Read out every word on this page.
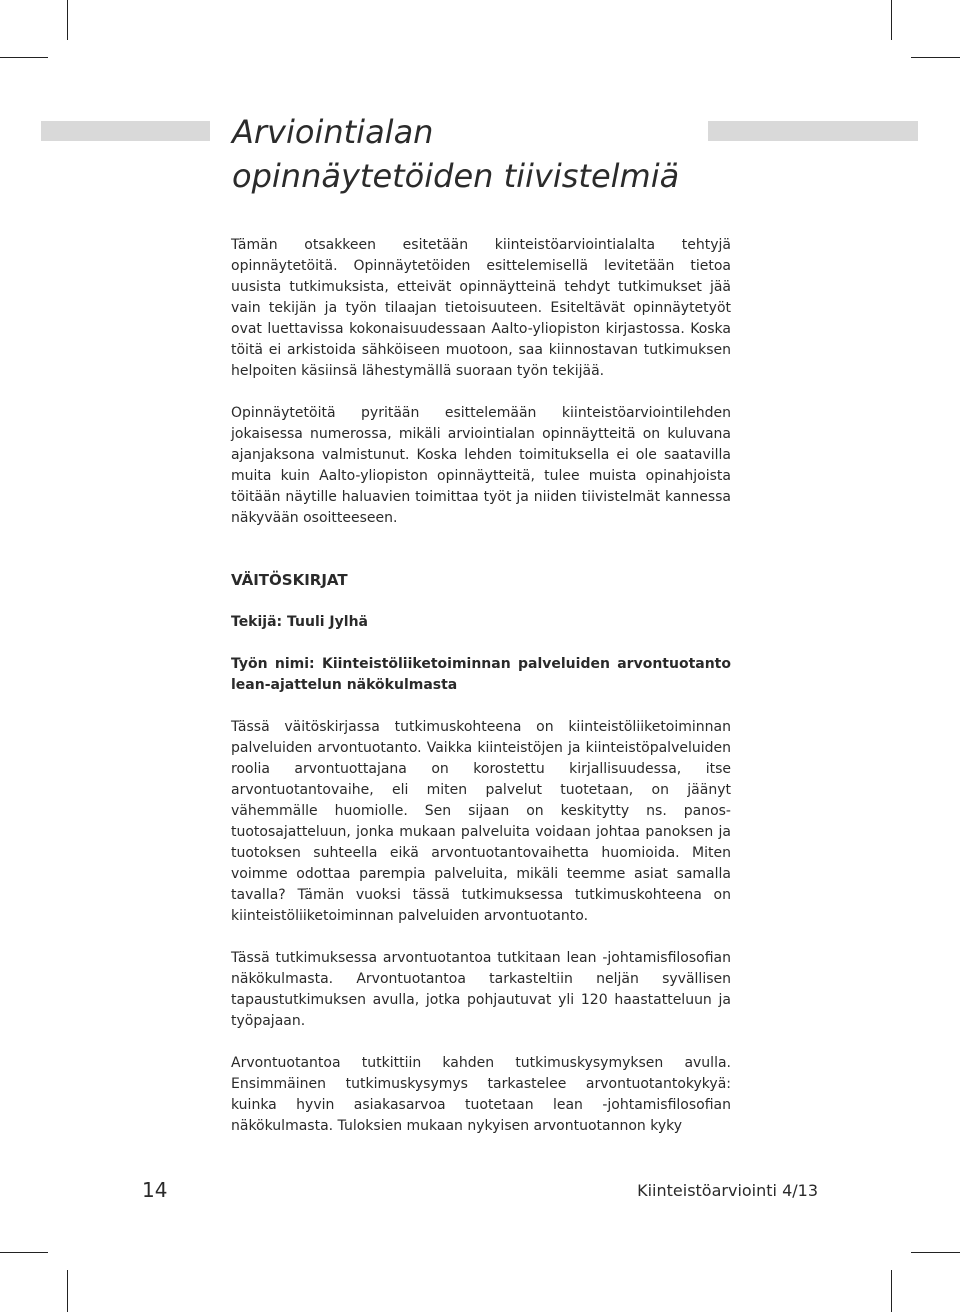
Arviointialan opinnäytetöiden tiivistelmiä

Tämän otsakkeen esitetään kiinteistöarviointialalta tehtyjä opinnäytetöitä. Opinnäytetöiden esittelemisellä levitetään tietoa uusista tutkimuksista, etteivät opinnäytteinä tehdyt tutkimukset jää vain tekijän ja työn tilaajan tietoisuuteen. Esiteltävät opinnäytetyöt ovat luettavissa kokonaisuudessaan Aalto-yliopiston kirjastossa. Koska töitä ei arkistoida sähköiseen muotoon, saa kiinnostavan tutkimuksen helpoiten käsiinsä lähestymällä suoraan työn tekijää.

Opinnäytetöitä pyritään esittelemään kiinteistöarviointilehden jokaisessa numerossa, mikäli arviointialan opinnäytteitä on kuluvana ajanjaksona valmistunut. Koska lehden toimituksella ei ole saatavilla muita kuin Aalto-yliopiston opinnäytteitä, tulee muista opinahjoista töitään näytille haluavien toimittaa työt ja niiden tiivistelmät kannessa näkyvään osoitteeseen.

VÄITÖSKIRJAT

Tekijä: Tuuli Jylhä

Työn nimi: Kiinteistöliiketoiminnan palveluiden arvontuotanto lean-ajattelun näkökulmasta

Tässä väitöskirjassa tutkimuskohteena on kiinteistöliiketoiminnan palveluiden arvontuotanto. Vaikka kiinteistöjen ja kiinteistöpalveluiden roolia arvontuottajana on korostettu kirjallisuudessa, itse arvontuotantovaihe, eli miten palvelut tuotetaan, on jäänyt vähemmälle huomiolle. Sen sijaan on keskitytty ns. panos-tuotosajatteluun, jonka mukaan palveluita voidaan johtaa panoksen ja tuotoksen suhteella eikä arvontuotantovaihetta huomioida. Miten voimme odottaa parempia palveluita, mikäli teemme asiat samalla tavalla? Tämän vuoksi tässä tutkimuksessa tutkimuskohteena on kiinteistöliiketoiminnan palveluiden arvontuotanto.

Tässä tutkimuksessa arvontuotantoa tutkitaan lean -johtamisfilosofian näkökulmasta. Arvontuotantoa tarkasteltiin neljän syvällisen tapaustutkimuksen avulla, jotka pohjautuvat yli 120 haastatteluun ja työpajaan.

Arvontuotantoa tutkittiin kahden tutkimuskysymyksen avulla. Ensimmäinen tutkimuskysymys tarkastelee arvontuotantokykyä: kuinka hyvin asiakasarvoa tuotetaan lean -johtamisfilosofian näkökulmasta. Tuloksien mukaan nykyisen arvontuotannon kyky

14	Kiinteistöarviointi 4/13
